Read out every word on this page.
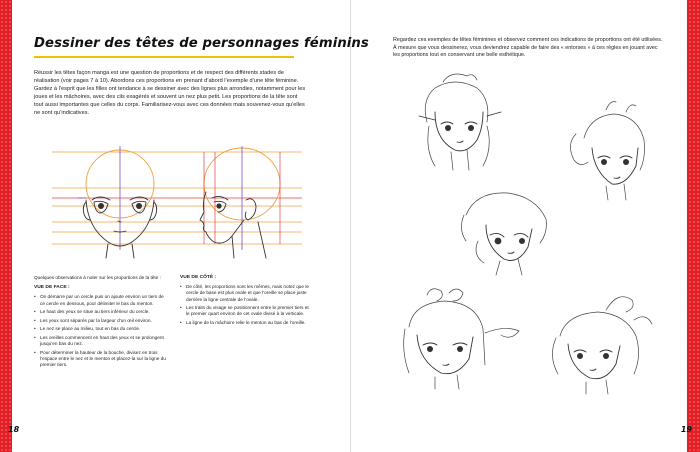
Dessiner des têtes de personnages féminins

Réussir les têtes façon manga est une question de proportions et de respect des différents stades de réalisation (voir pages 7 à 10). Abordons ces proportions en prenant d’abord l’exemple d’une tête féminine. Gardez à l’esprit que les filles ont tendance à se dessiner avec des lignes plus arrondies, notamment pour les joues et les mâchoires, avec des cils exagérés et souvent un nez plus petit. Les proportions de la tête sont tout aussi importantes que celles du corps. Familiarisez-vous avec ces données mais souvenez-vous qu’elles ne sont qu’indicatives.

Quelques observations à noter sur les proportions de la tête :

VUE DE FACE :
• On démarre par un cercle puis on ajoute environ un tiers de ce cercle en dessous, pour délimiter le bas du menton.
• Le haut des yeux se situe au tiers inférieur du cercle.
• Les yeux sont séparés par la largeur d’un œil environ.
• Le nez se place au milieu, tout en bas du cercle.
• Les oreilles commencent en haut des yeux et se prolongent jusqu’en bas du nez.
• Pour déterminer la hauteur de la bouche, divisez en trois l’espace entre le nez et le menton et placez-la sur la ligne du premier tiers.
VUE DE CÔTÉ :
• De côté, les proportions sont les mêmes, mais notez que le cercle de base est plus ovale et que l’oreille se place juste derrière la ligne centrale de l’ovale.
• Les traits du visage se positionnent entre le premier tiers et le premier quart environ de cet ovale divisé à la verticale.
• La ligne de la mâchoire relie le menton au bas de l’oreille.
18
Regardez ces exemples de têtes féminines et observez comment ces indications de proportions ont été utilisées. À mesure que vous dessinerez, vous deviendrez capable de faire des « entorses » à ces règles en jouant avec les proportions tout en conservant une belle esthétique.
19
